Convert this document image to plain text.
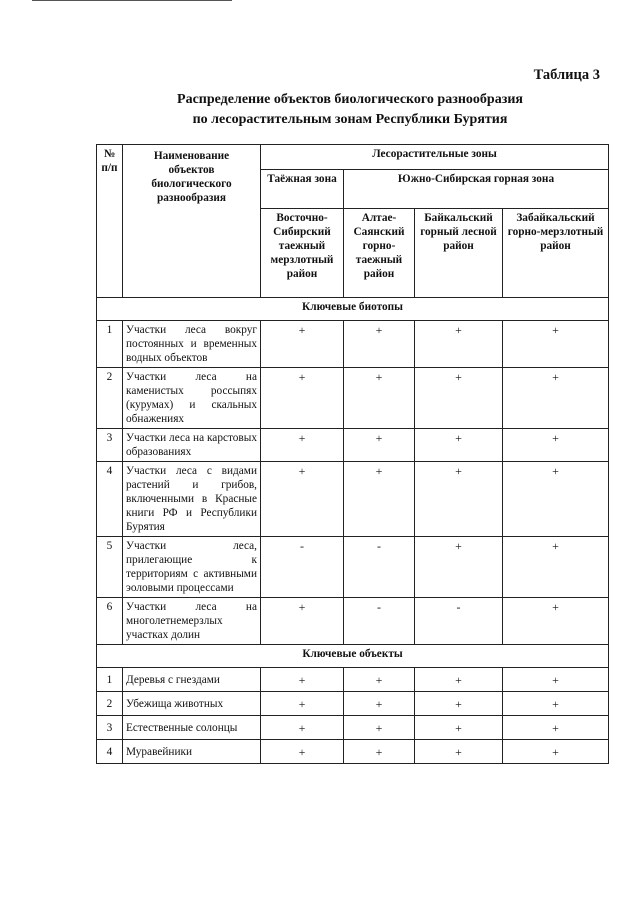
Таблица 3
Распределение объектов биологического разнообразия
по лесорастительным зонам Республики Бурятия
№ п/п	Наименование объектов биологического разнообразия	Лесорастительные зоны			
		Таёжная зона	Южно-Сибирская горная зона		
		Восточно-Сибирский таежный мерзлотный район	Алтае-Саянский горно-таежный район	Байкальский горный лесной район	Забайкальский горно-мерзлотный район
Ключевые биотопы					
1	Участки леса вокруг постоянных и временных водных объектов	+	+	+	+
2	Участки леса на каменистых россыпях (курумах) и скальных обнажениях	+	+	+	+
3	Участки леса на карстовых образованиях	+	+	+	+
4	Участки леса с видами растений и грибов, включенными в Красные книги РФ и Республики Бурятия	+	+	+	+
5	Участки леса, прилегающие к территориям с активными эоловыми процессами	-	-	+	+
6	Участки леса на многолетнемерзлых участках долин	+	-	-	+
Ключевые объекты					
1	Деревья с гнездами	+	+	+	+
2	Убежища животных	+	+	+	+
3	Естественные солонцы	+	+	+	+
4	Муравейники	+	+	+	+
